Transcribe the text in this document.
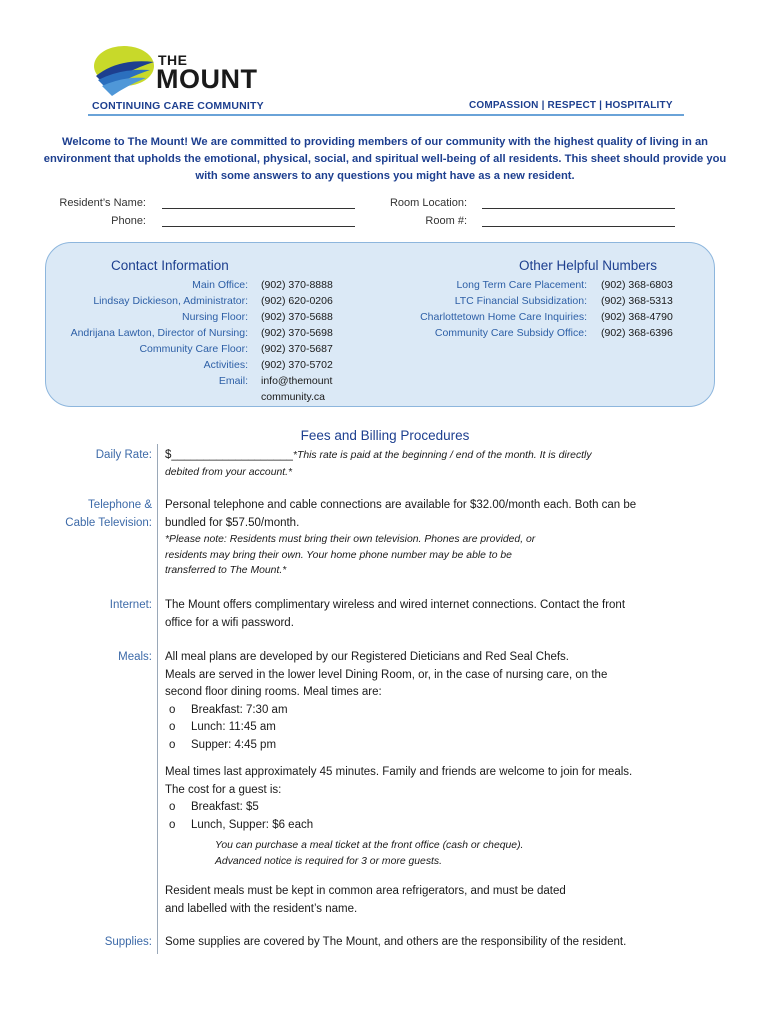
THE
MOUNT
CONTINUING CARE COMMUNITY	COMPASSION | RESPECT | HOSPITALITY
Welcome to The Mount! We are committed to providing members of our community with the highest quality of living in an environment that upholds the emotional, physical, social, and spiritual well-being of all residents. This sheet should provide you with some answers to any questions you might have as a new resident.
Resident’s Name:
Phone:
Room Location:
Room #:
Contact Information
Main Office:
Lindsay Dickieson, Administrator:
Nursing Floor:
Andrijana Lawton, Director of Nursing:
Community Care Floor:
Activities:
Email:
(902) 370-8888
(902) 620-0206
(902) 370-5688
(902) 370-5698
(902) 370-5687
(902) 370-5702
info@themount
community.ca
Other Helpful Numbers
Long Term Care Placement:
LTC Financial Subsidization:
Charlottetown Home Care Inquiries:
Community Care Subsidy Office:
(902) 368-6803
(902) 368-5313
(902) 368-4790
(902) 368-6396
Fees and Billing Procedures
Daily Rate: $___________________*This rate is paid at the beginning / end of the month. It is directly
debited from your account.*
Telephone &
Cable Television:
Personal telephone and cable connections are available for $32.00/month each. Both can be
bundled for $57.50/month.
*Please note: Residents must bring their own television. Phones are provided, or
residents may bring their own. Your home phone number may be able to be
transferred to The Mount.*
Internet: The Mount offers complimentary wireless and wired internet connections. Contact the front
office for a wifi password.
Meals: All meal plans are developed by our Registered Dieticians and Red Seal Chefs.
Meals are served in the lower level Dining Room, or, in the case of nursing care, on the
second floor dining rooms. Meal times are:
o Breakfast: 7:30 am
o Lunch: 11:45 am
o Supper: 4:45 pm
Meal times last approximately 45 minutes. Family and friends are welcome to join for meals.
The cost for a guest is:
o Breakfast: $5
o Lunch, Supper: $6 each
You can purchase a meal ticket at the front office (cash or cheque).
Advanced notice is required for 3 or more guests.
Resident meals must be kept in common area refrigerators, and must be dated
and labelled with the resident’s name.
Supplies: Some supplies are covered by The Mount, and others are the responsibility of the resident.
